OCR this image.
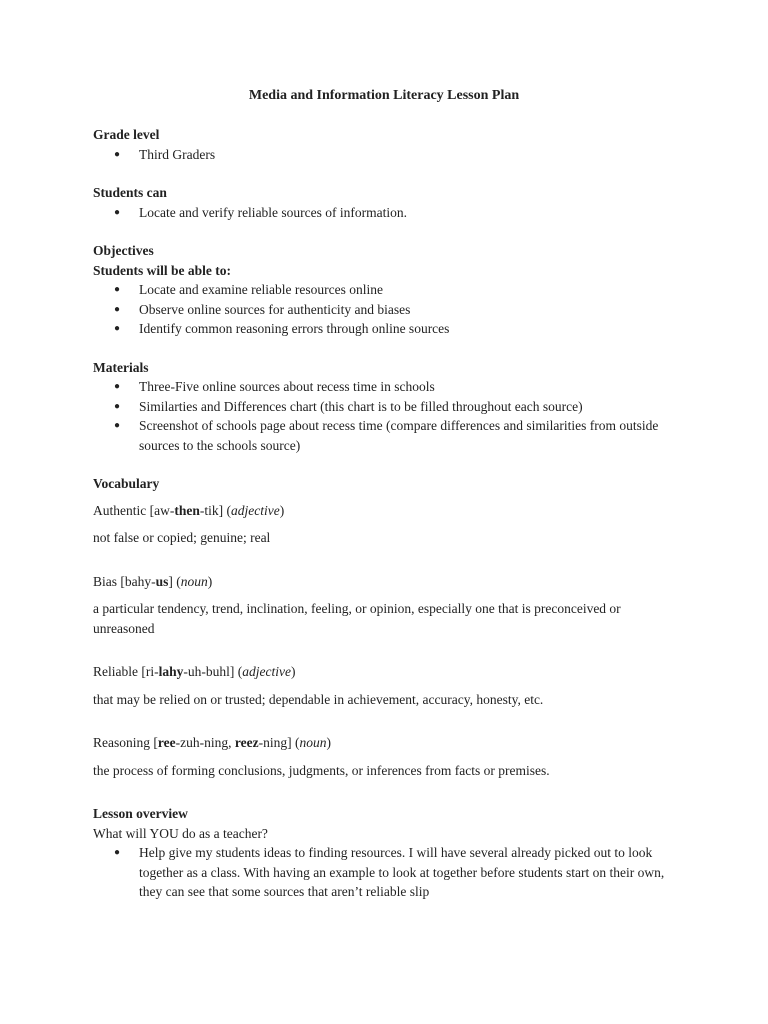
Media and Information Literacy Lesson Plan
Grade level
● Third Graders
Students can
● Locate and verify reliable sources of information.
Objectives
Students will be able to:
● Locate and examine reliable resources online
● Observe online sources for authenticity and biases
● Identify common reasoning errors through online sources
Materials
● Three-Five online sources about recess time in schools
● Similarties and Differences chart (this chart is to be filled throughout each source)
● Screenshot of schools page about recess time (compare differences and similarities from outside sources to the schools source)
Vocabulary
Authentic [aw-then-tik] (adjective)
not false or copied; genuine; real
Bias [bahy-us] (noun)
a particular tendency, trend, inclination, feeling, or opinion, especially one that is preconceived or unreasoned
Reliable [ri-lahy-uh-buhl] (adjective)
that may be relied on or trusted; dependable in achievement, accuracy, honesty, etc.
Reasoning [ree-zuh-ning, reez-ning] (noun)
the process of forming conclusions, judgments, or inferences from facts or premises.
Lesson overview
What will YOU do as a teacher?
● Help give my students ideas to finding resources. I will have several already picked out to look together as a class. With having an example to look at together before students start on their own, they can see that some sources that aren’t reliable slip
